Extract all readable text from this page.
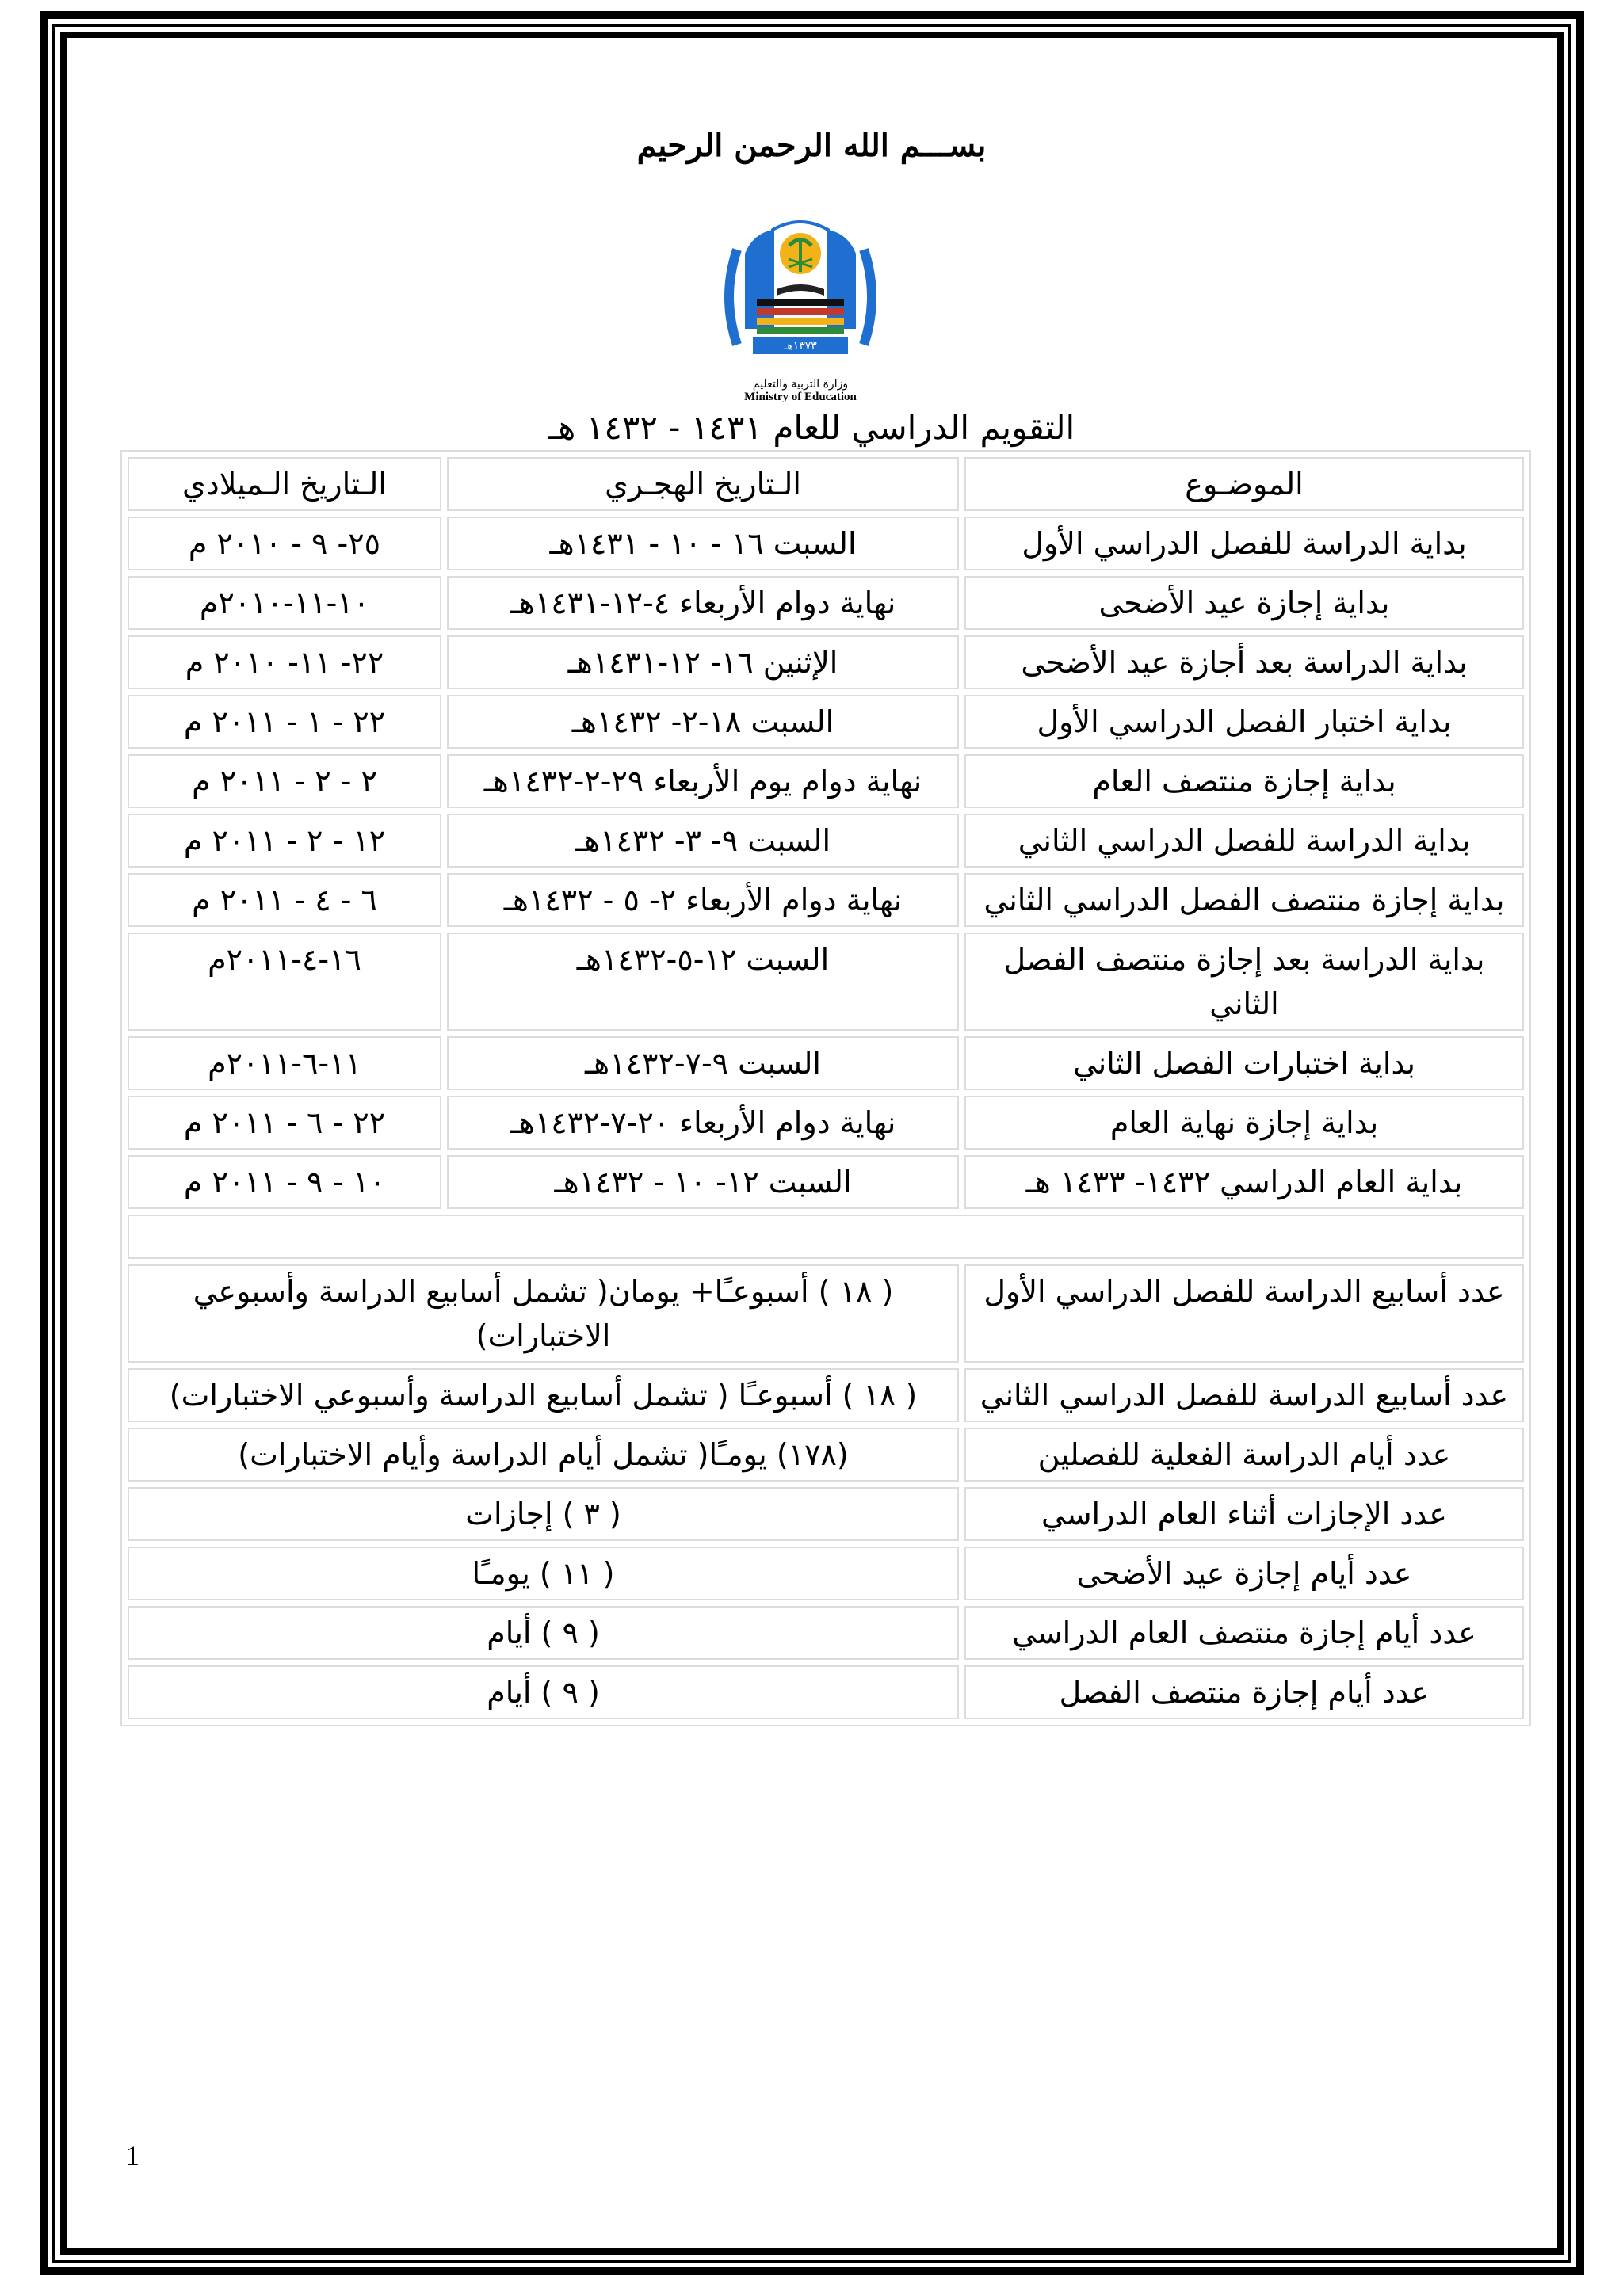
بســـم الله الرحمن الرحيم
١٣٧٣هـ
وزارة التربية والتعليم
Ministry of Education
التقويم الدراسي للعام ١٤٣١ - ١٤٣٢ هـ
الموضـوع	الـتاريخ الهجـري	الـتاريخ الـميلادي
بداية الدراسة للفصل الدراسي الأول	السبت ١٦ - ١٠ - ١٤٣١هـ	٢٥- ٩ - ٢٠١٠ م
بداية إجازة عيد الأضحى	نهاية دوام الأربعاء ٤-١٢-١٤٣١هـ	١٠-١١-٢٠١٠م
بداية الدراسة بعد أجازة عيد الأضحى	الإثنين ١٦- ١٢-١٤٣١هـ	٢٢- ١١- ٢٠١٠ م
بداية اختبار الفصل الدراسي الأول	السبت ١٨-٢- ١٤٣٢هـ	٢٢ - ١ - ٢٠١١ م
بداية إجازة منتصف العام	نهاية دوام يوم الأربعاء ٢٩-٢-١٤٣٢هـ	٢ - ٢ - ٢٠١١ م
بداية الدراسة للفصل الدراسي الثاني	السبت ٩- ٣- ١٤٣٢هـ	١٢ - ٢ - ٢٠١١ م
بداية إجازة منتصف الفصل الدراسي الثاني	نهاية دوام الأربعاء ٢- ٥ - ١٤٣٢هـ	٦ - ٤ - ٢٠١١ م
بداية الدراسة بعد إجازة منتصف الفصل الثاني	السبت ١٢-٥-١٤٣٢هـ	١٦-٤-٢٠١١م
بداية اختبارات الفصل الثاني	السبت ٩-٧-١٤٣٢هـ	١١-٦-٢٠١١م
بداية إجازة نهاية العام	نهاية دوام الأربعاء ٢٠-٧-١٤٣٢هـ	٢٢ - ٦ - ٢٠١١ م
بداية العام الدراسي ١٤٣٢- ١٤٣٣ هـ	السبت ١٢- ١٠ - ١٤٣٢هـ	١٠ - ٩ - ٢٠١١ م

عدد أسابيع الدراسة للفصل الدراسي الأول	( ١٨ ) أسبوعـًا+ يومان( تشمل أسابيع الدراسة وأسبوعي الاختبارات)	
عدد أسابيع الدراسة للفصل الدراسي الثاني	( ١٨ ) أسبوعـًا ( تشمل أسابيع الدراسة وأسبوعي الاختبارات)	
عدد أيام الدراسة الفعلية للفصلين	(١٧٨) يومـًا( تشمل أيام الدراسة وأيام الاختبارات)	
عدد الإجازات أثناء العام الدراسي	( ٣ ) إجازات	
عدد أيام إجازة عيد الأضحى	( ١١ ) يومـًا	
عدد أيام إجازة منتصف العام الدراسي	( ٩ ) أيام	
عدد أيام إجازة منتصف الفصل	( ٩ ) أيام	
1
